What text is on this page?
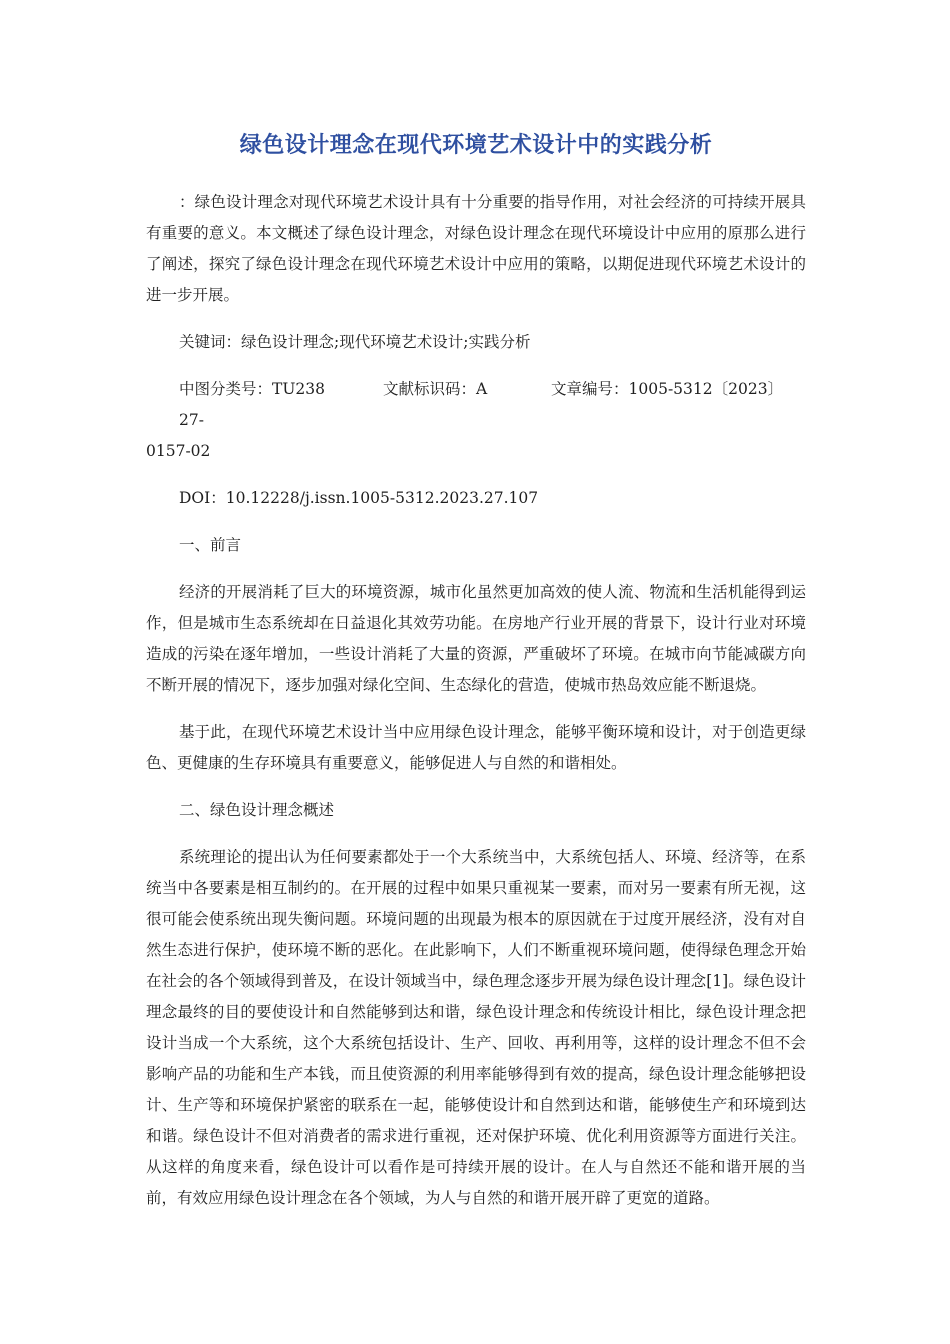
绿色设计理念在现代环境艺术设计中的实践分析

：绿色设计理念对现代环境艺术设计具有十分重要的指导作用，对社会经济的可持续开展具有重要的意义。本文概述了绿色设计理念，对绿色设计理念在现代环境设计中应用的原那么进行了阐述，探究了绿色设计理念在现代环境艺术设计中应用的策略，以期促进现代环境艺术设计的进一步开展。

关键词：绿色设计理念;现代环境艺术设计;实践分析
中图分类号：TU238	文献标识码：A	文章编号：1005-5312〔2023〕27-

0157-02

DOI：10.12228/j.issn.1005-5312.2023.27.107
一、前言

经济的开展消耗了巨大的环境资源，城市化虽然更加高效的使人流、物流和生活机能得到运作，但是城市生态系统却在日益退化其效劳功能。在房地产行业开展的背景下，设计行业对环境造成的污染在逐年增加，一些设计消耗了大量的资源，严重破坏了环境。在城市向节能减碳方向不断开展的情况下，逐步加强对绿化空间、生态绿化的营造，使城市热岛效应能不断退烧。

基于此，在现代环境艺术设计当中应用绿色设计理念，能够平衡环境和设计，对于创造更绿色、更健康的生存环境具有重要意义，能够促进人与自然的和谐相处。

二、绿色设计理念概述

系统理论的提出认为任何要素都处于一个大系统当中，大系统包括人、环境、经济等，在系统当中各要素是相互制约的。在开展的过程中如果只重视某一要素，而对另一要素有所无视，这很可能会使系统出现失衡问题。环境问题的出现最为根本的原因就在于过度开展经济，没有对自然生态进行保护，使环境不断的恶化。在此影响下，人们不断重视环境问题，使得绿色理念开始在社会的各个领域得到普及，在设计领域当中，绿色理念逐步开展为绿色设计理念[1]。绿色设计理念最终的目的要使设计和自然能够到达和谐，绿色设计理念和传统设计相比，绿色设计理念把设计当成一个大系统，这个大系统包括设计、生产、回收、再利用等，这样的设计理念不但不会影响产品的功能和生产本钱，而且使资源的利用率能够得到有效的提高，绿色设计理念能够把设计、生产等和环境保护紧密的联系在一起，能够使设计和自然到达和谐，能够使生产和环境到达和谐。绿色设计不但对消费者的需求进行重视，还对保护环境、优化利用资源等方面进行关注。从这样的角度来看，绿色设计可以看作是可持续开展的设计。在人与自然还不能和谐开展的当前，有效应用绿色设计理念在各个领域，为人与自然的和谐开展开辟了更宽的道路。
